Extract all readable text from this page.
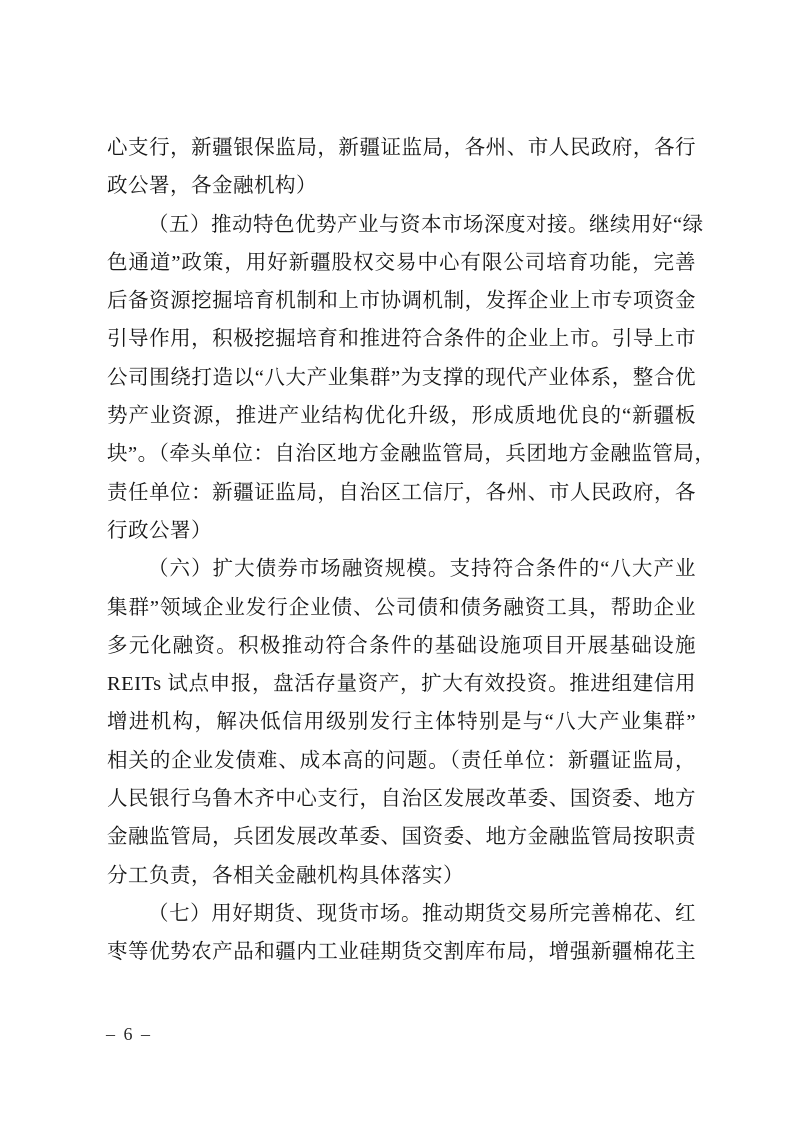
心支行，新疆银保监局，新疆证监局，各州、市人民政府，各行
政公署，各金融机构）
（五）推动特色优势产业与资本市场深度对接。继续用好“绿
色通道”政策，用好新疆股权交易中心有限公司培育功能，完善
后备资源挖掘培育机制和上市协调机制，发挥企业上市专项资金
引导作用，积极挖掘培育和推进符合条件的企业上市。引导上市
公司围绕打造以“八大产业集群”为支撑的现代产业体系，整合优
势产业资源，推进产业结构优化升级，形成质地优良的“新疆板
块”。（牵头单位：自治区地方金融监管局，兵团地方金融监管局，
责任单位：新疆证监局，自治区工信厅，各州、市人民政府，各
行政公署）
（六）扩大债券市场融资规模。支持符合条件的“八大产业
集群”领域企业发行企业债、公司债和债务融资工具，帮助企业
多元化融资。积极推动符合条件的基础设施项目开展基础设施
REITs 试点申报，盘活存量资产，扩大有效投资。推进组建信用
增进机构，解决低信用级别发行主体特别是与“八大产业集群”
相关的企业发债难、成本高的问题。（责任单位：新疆证监局，
人民银行乌鲁木齐中心支行，自治区发展改革委、国资委、地方
金融监管局，兵团发展改革委、国资委、地方金融监管局按职责
分工负责，各相关金融机构具体落实）
（七）用好期货、现货市场。推动期货交易所完善棉花、红
枣等优势农产品和疆内工业硅期货交割库布局，增强新疆棉花主
– 6 –
